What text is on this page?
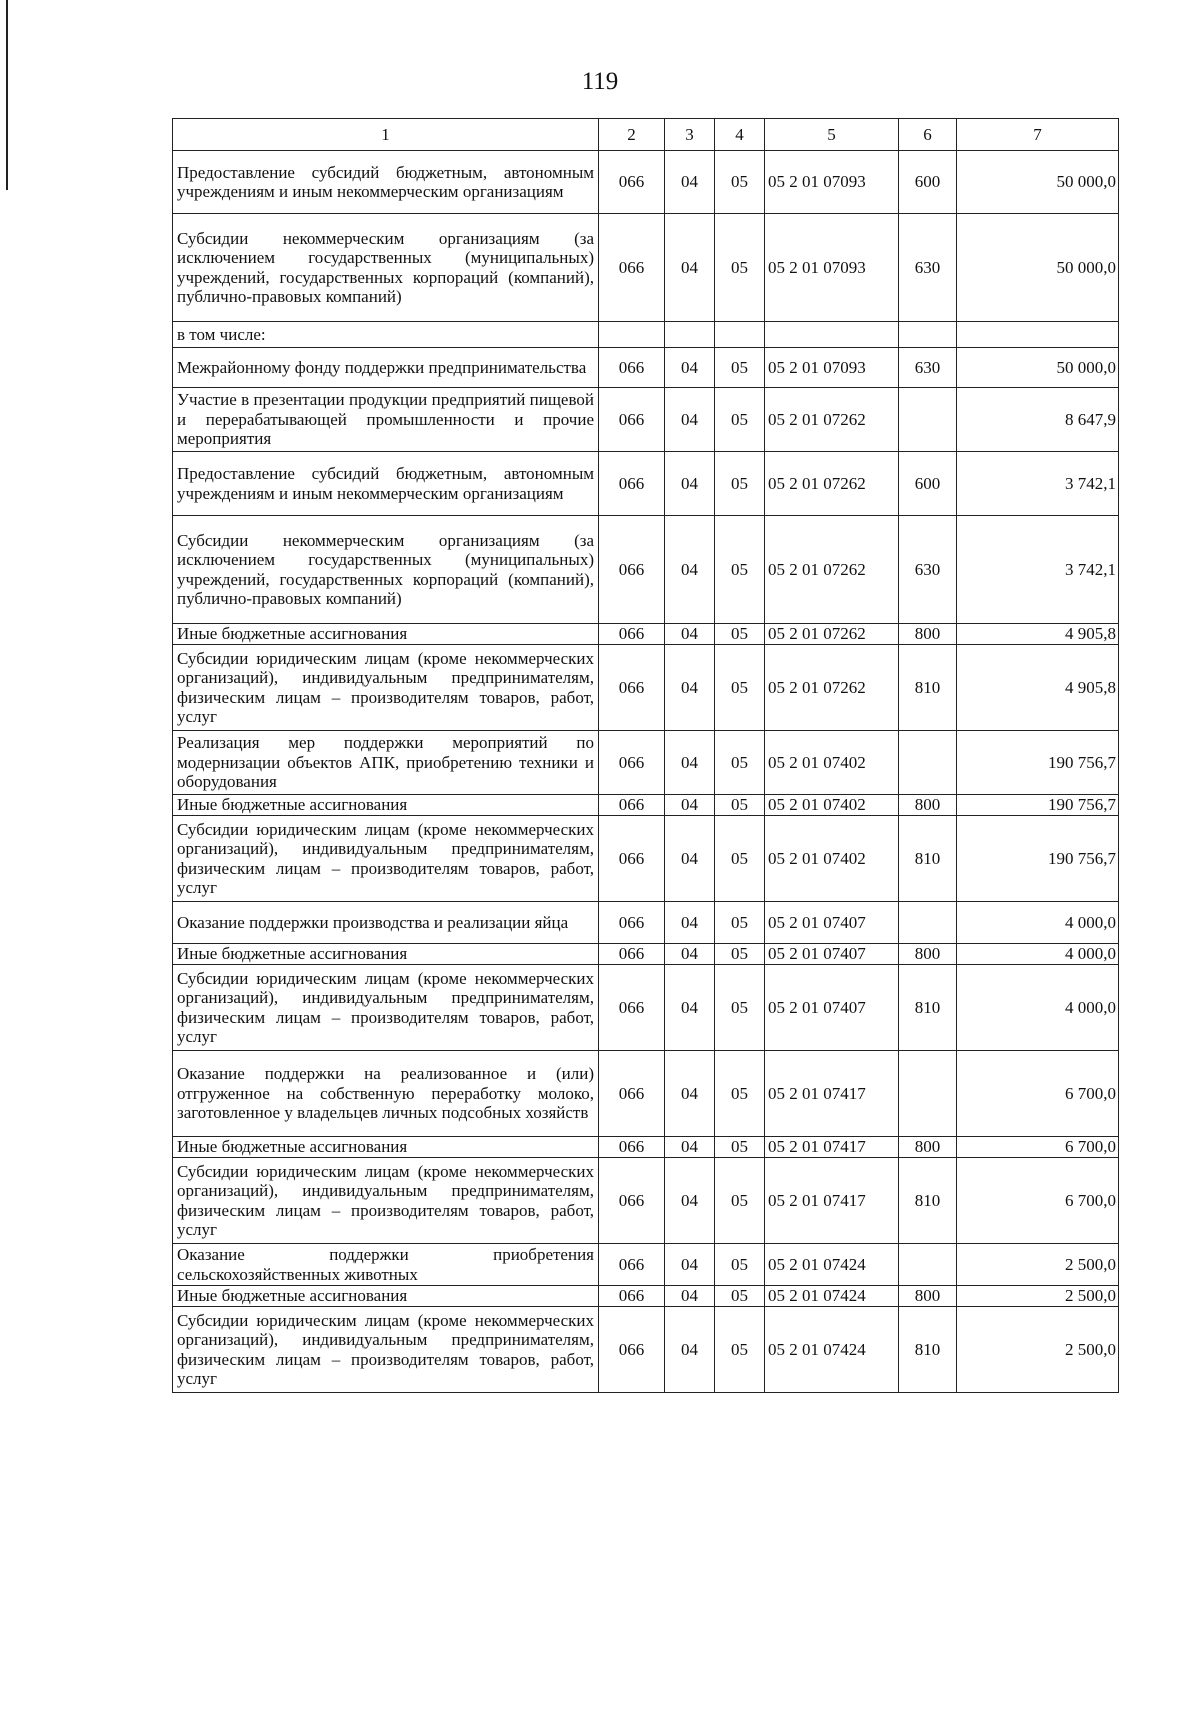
119
1	2	3	4	5	6	7
Предоставление субсидий бюджетным, автономным учреждениям и иным некоммерческим организациям	066	04	05	05 2 01 07093	600	50 000,0
Субсидии некоммерческим организациям (за исключением государственных (муниципальных) учреждений, государственных корпораций (компаний), публично-правовых компаний)	066	04	05	05 2 01 07093	630	50 000,0
в том числе:						
Межрайонному фонду поддержки предпринимательства	066	04	05	05 2 01 07093	630	50 000,0
Участие в презентации продукции предприятий пищевой и перерабатывающей промышленности и прочие мероприятия	066	04	05	05 2 01 07262		8 647,9
Предоставление субсидий бюджетным, автономным учреждениям и иным некоммерческим организациям	066	04	05	05 2 01 07262	600	3 742,1
Субсидии некоммерческим организациям (за исключением государственных (муниципальных) учреждений, государственных корпораций (компаний), публично-правовых компаний)	066	04	05	05 2 01 07262	630	3 742,1
Иные бюджетные ассигнования	066	04	05	05 2 01 07262	800	4 905,8
Субсидии юридическим лицам (кроме некоммерческих организаций), индивидуальным предпринимателям, физическим лицам – производителям товаров, работ, услуг	066	04	05	05 2 01 07262	810	4 905,8
Реализация мер поддержки мероприятий по модернизации объектов АПК, приобретению техники и оборудования	066	04	05	05 2 01 07402		190 756,7
Иные бюджетные ассигнования	066	04	05	05 2 01 07402	800	190 756,7
Субсидии юридическим лицам (кроме некоммерческих организаций), индивидуальным предпринимателям, физическим лицам – производителям товаров, работ, услуг	066	04	05	05 2 01 07402	810	190 756,7
Оказание поддержки производства и реализации яйца	066	04	05	05 2 01 07407		4 000,0
Иные бюджетные ассигнования	066	04	05	05 2 01 07407	800	4 000,0
Субсидии юридическим лицам (кроме некоммерческих организаций), индивидуальным предпринимателям, физическим лицам – производителям товаров, работ, услуг	066	04	05	05 2 01 07407	810	4 000,0
Оказание поддержки на реализованное и (или) отгруженное на собственную переработку молоко, заготовленное у владельцев личных подсобных хозяйств	066	04	05	05 2 01 07417		6 700,0
Иные бюджетные ассигнования	066	04	05	05 2 01 07417	800	6 700,0
Субсидии юридическим лицам (кроме некоммерческих организаций), индивидуальным предпринимателям, физическим лицам – производителям товаров, работ, услуг	066	04	05	05 2 01 07417	810	6 700,0
Оказание поддержки приобретения сельскохозяйственных животных	066	04	05	05 2 01 07424		2 500,0
Иные бюджетные ассигнования	066	04	05	05 2 01 07424	800	2 500,0
Субсидии юридическим лицам (кроме некоммерческих организаций), индивидуальным предпринимателям, физическим лицам – производителям товаров, работ, услуг	066	04	05	05 2 01 07424	810	2 500,0
